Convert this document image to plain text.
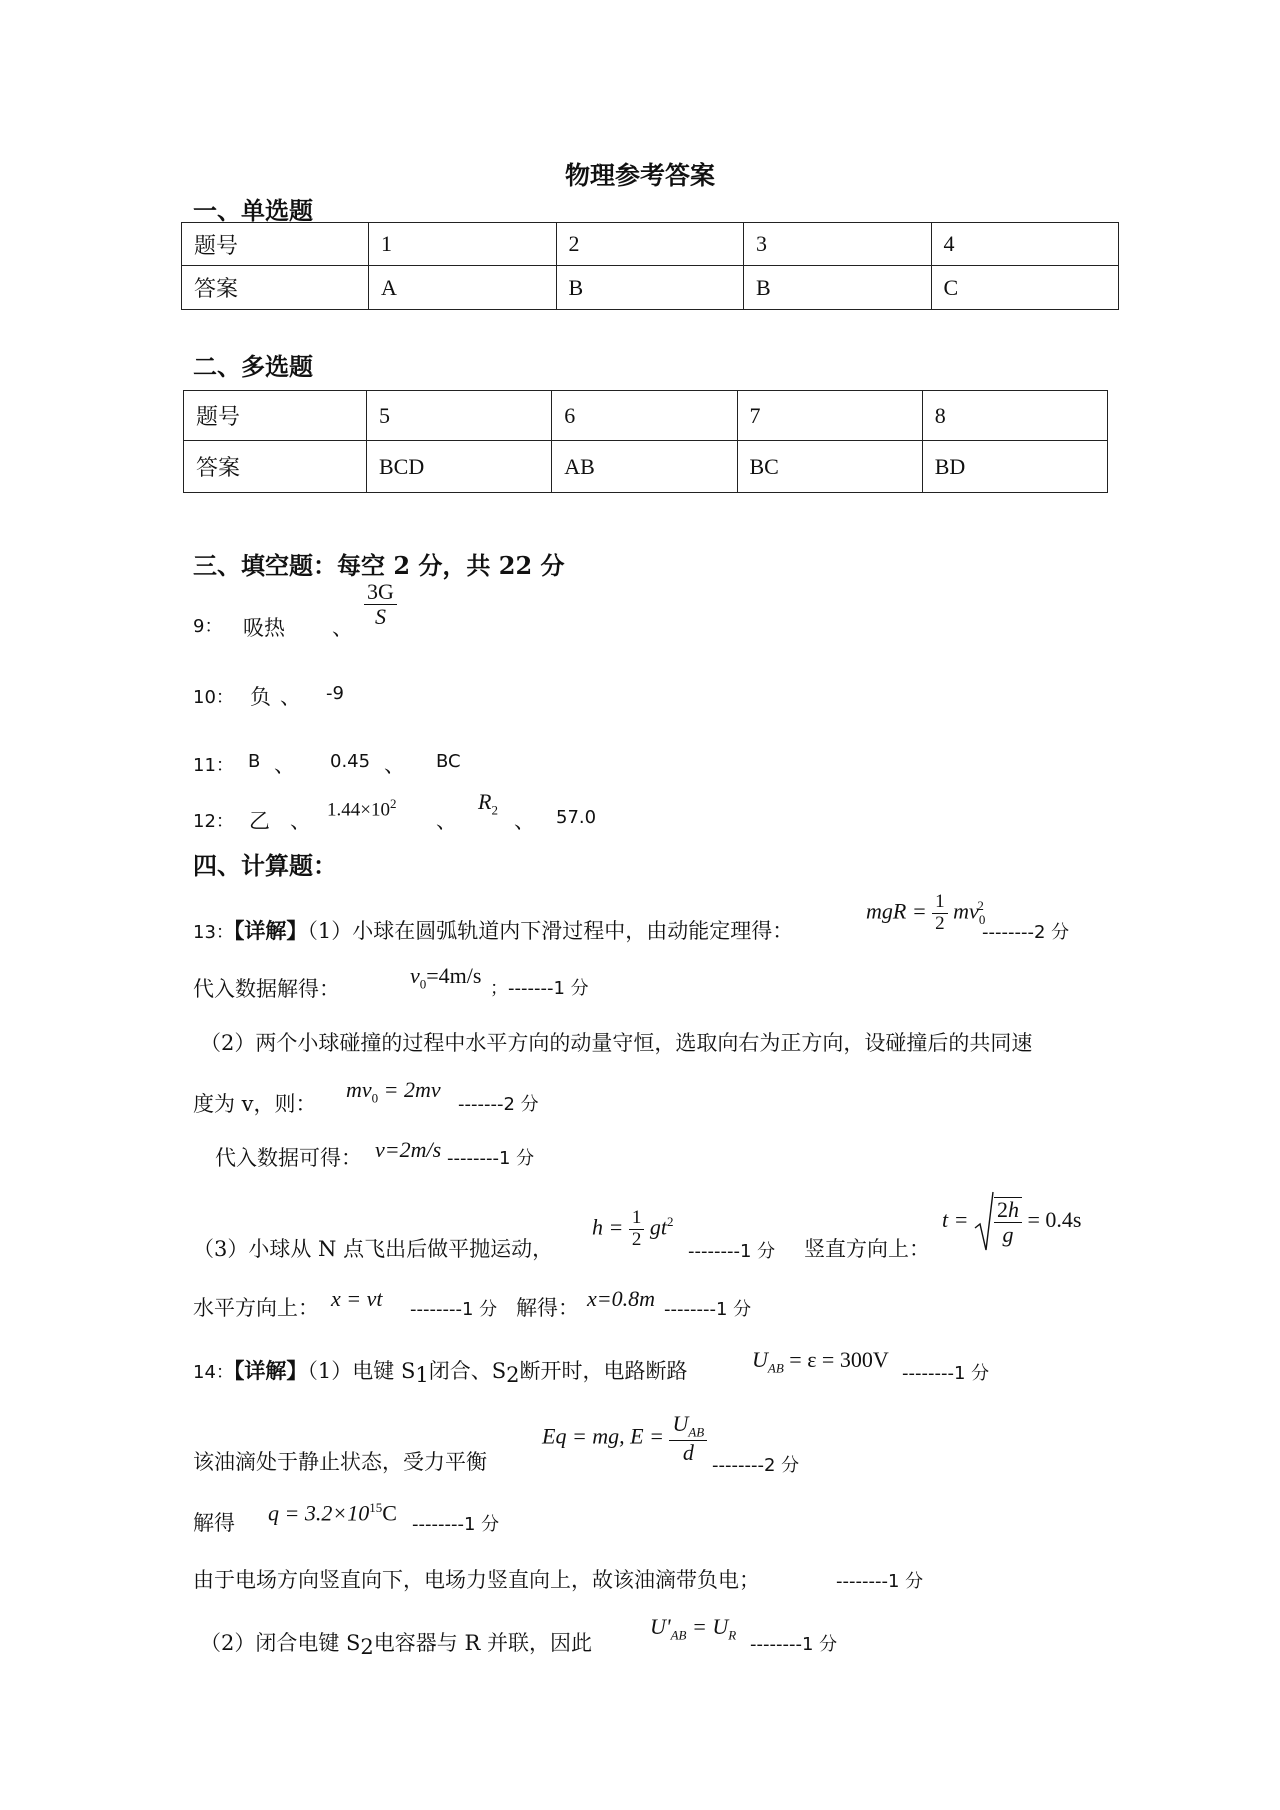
物理参考答案
一、单选题
题号	1	2	3	4
答案	A	B	B	C
二、多选题
题号	5	6	7	8
答案	BCD	AB	BC	BD
三、填空题：每空 2 分，共 22 分
9： 吸热 、 $\frac{3G}{S}$
10： 负 、 -9
11： B 、 0.45 、 BC
12： 乙 、 $1.44\times 10^2$
、
$R_2$ 、 57.0
四、计算题：
13：【详解】（1）小球在圆弧轨道内下滑过程中，由动能定理得：
mgR = $\frac{1}{2} mv_0^2$
--------2 分
代入数据解得：
$v_0=4m/s$
；-------1 分
（2）两个小球碰撞的过程中水平方向的动量守恒，选取向右为正方向，设碰撞后的共同速
度为 v，则：
$mv_0 = 2mv$
-------2 分
代入数据可得： v=2m/s --------1 分
（3）小球从 N 点飞出后做平抛运动，
$h = \frac{1}{2} gt^2$
--------1 分 竖直方向上：
$t = \frac{2h}{g} = 0.4s$
水平方向上： x = vt --------1 分 解得： x=0.8m --------1 分
14：【详解】（1）电键 $S_1$闭合、$S_2$断开时，电路断路	$U_{AB} = \varepsilon = 300V$
--------1 分
该油滴处于静止状态，受力平衡
Eq = mg, $E = \frac{U_{AB}}{d}$
--------2 分
解得 $q = 3.2\times 10^{15}C$ --------1 分
由于电场方向竖直向下，电场力竖直向上，故该油滴带负电；	--------1 分
（2）闭合电键 $S_2$电容器与 R 并联，因此
$U'_{AB} = U_R$ --------1 分
